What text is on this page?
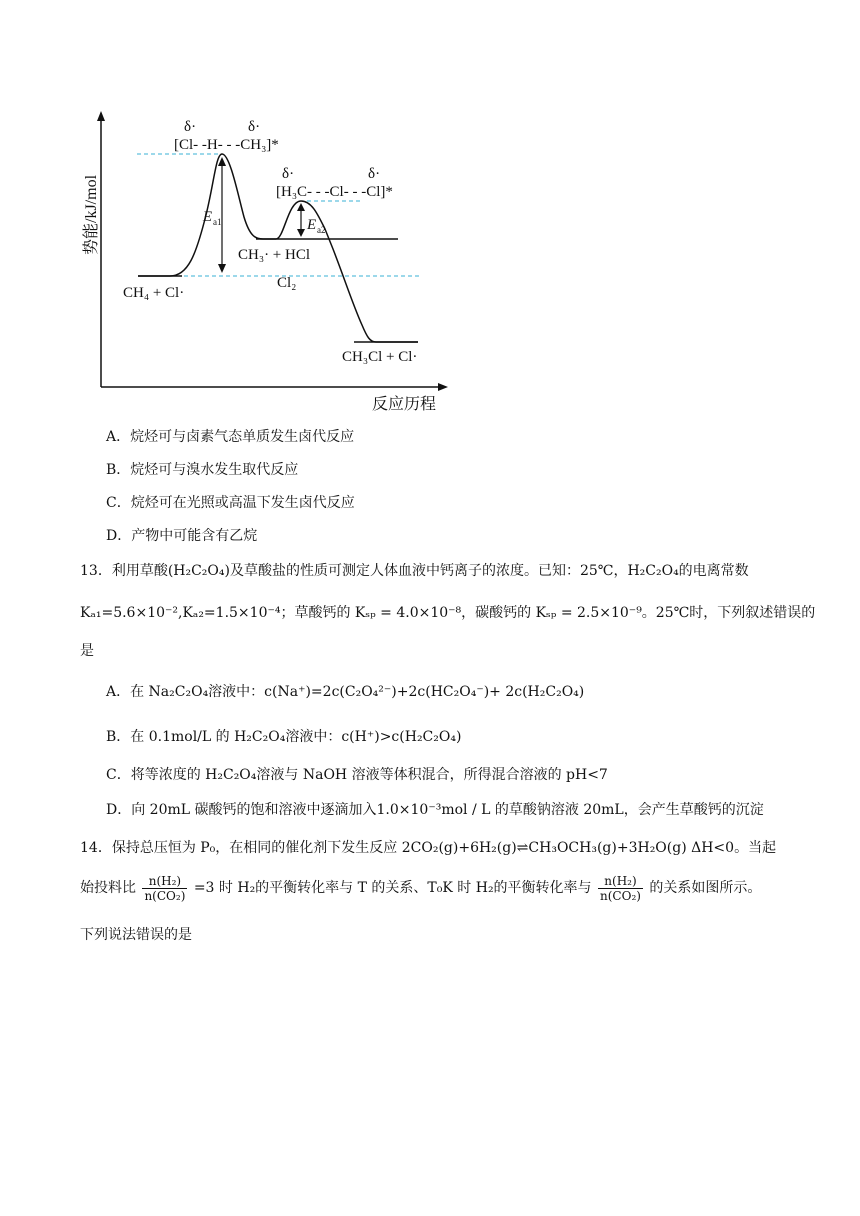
势能/kJ/mol
反应历程
E a1	E a2
δ·	δ·
[Cl- -H- - -CH₃]*
δ·	δ·
[H₃C- - -Cl- - -Cl]*
CH₃· + HCl
CH₄ + Cl·
Cl₂
CH₃Cl + Cl·
A．烷烃可与卤素气态单质发生卤代反应
B．烷烃可与溴水发生取代反应
C．烷烃可在光照或高温下发生卤代反应
D．产物中可能含有乙烷
13．利用草酸(H₂C₂O₄)及草酸盐的性质可测定人体血液中钙离子的浓度。已知：25℃，H₂C₂O₄的电离常数
Kₐ₁=5.6×10⁻²,Kₐ₂=1.5×10⁻⁴；草酸钙的 Kₛₚ = 4.0×10⁻⁸，碳酸钙的 Kₛₚ = 2.5×10⁻⁹。25℃时，下列叙述错误的
是
A．在 Na₂C₂O₄溶液中：c(Na⁺)=2c(C₂O₄²⁻)+2c(HC₂O₄⁻)+ 2c(H₂C₂O₄)
B．在 0.1mol/L 的 H₂C₂O₄溶液中：c(H⁺)>c(H₂C₂O₄)
C．将等浓度的 H₂C₂O₄溶液与 NaOH 溶液等体积混合，所得混合溶液的 pH<7
D．向 20mL 碳酸钙的饱和溶液中逐滴加入1.0×10⁻³mol / L 的草酸钠溶液 20mL，会产生草酸钙的沉淀
14．保持总压恒为 P₀，在相同的催化剂下发生反应 2CO₂(g)+6H₂(g)⇌CH₃OCH₃(g)+3H₂O(g) ΔH<0。当起
始投料比 $\frac{\text{n(H₂)}}{\text{n(CO₂)}} =3$ 时 H₂的平衡转化率与 T 的关系、T₀K 时 H₂的平衡转化率与 $\frac{\text{n(H₂)}}{\text{n(CO₂)}}$ 的关系如图所示。
下列说法错误的是
